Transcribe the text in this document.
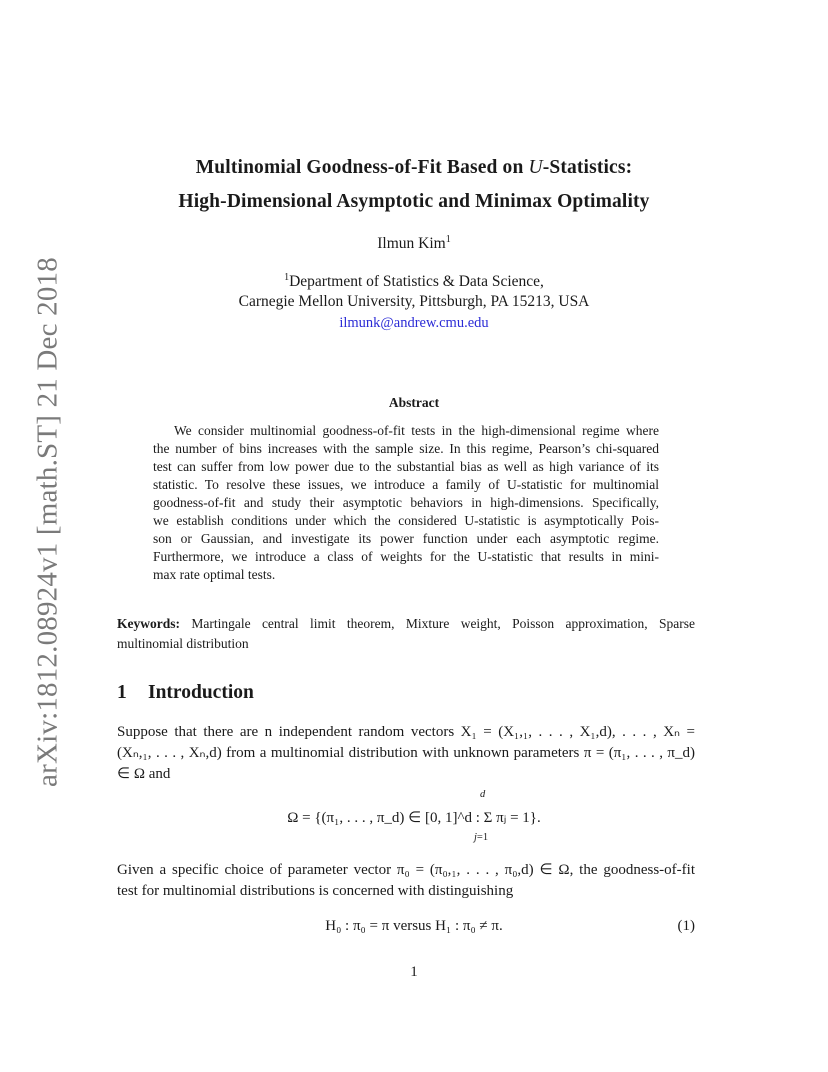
arXiv:1812.08924v1 [math.ST] 21 Dec 2018
Multinomial Goodness-of-Fit Based on U-Statistics:
High-Dimensional Asymptotic and Minimax Optimality
Ilmun Kim$^1$
$^1$Department of Statistics & Data Science,
Carnegie Mellon University, Pittsburgh, PA 15213, USA
ilmunk@andrew.cmu.edu
Abstract
We consider multinomial goodness-of-fit tests in the high-dimensional regime where
the number of bins increases with the sample size. In this regime, Pearson’s chi-squared
test can suffer from low power due to the substantial bias as well as high variance of its
statistic. To resolve these issues, we introduce a family of U-statistic for multinomial
goodness-of-fit and study their asymptotic behaviors in high-dimensions. Specifically,
we establish conditions under which the considered U-statistic is asymptotically Pois-
son or Gaussian, and investigate its power function under each asymptotic regime.
Furthermore, we introduce a class of weights for the U-statistic that results in mini-
max rate optimal tests.
Keywords: Martingale central limit theorem, Mixture weight, Poisson approximation, Sparse
multinomial distribution
1 Introduction
Suppose that there are n independent random vectors X₁ = (X₁,₁, . . . , X₁,d), . . . , Xₙ =
(Xₙ,₁, . . . , Xₙ,d) from a multinomial distribution with unknown parameters π = (π₁, . . . , π_d)
∈ Ω and
Ω = {(π₁, . . . , π_d) ∈ [0, 1]^d : Σ πⱼ = 1}.
d
j=1
Given a specific choice of parameter vector π₀ = (π₀,₁, . . . , π₀,d) ∈ Ω, the goodness-of-fit
test for multinomial distributions is concerned with distinguishing
H₀ : π₀ = π versus H₁ : π₀ ≠ π.	(1)
1
